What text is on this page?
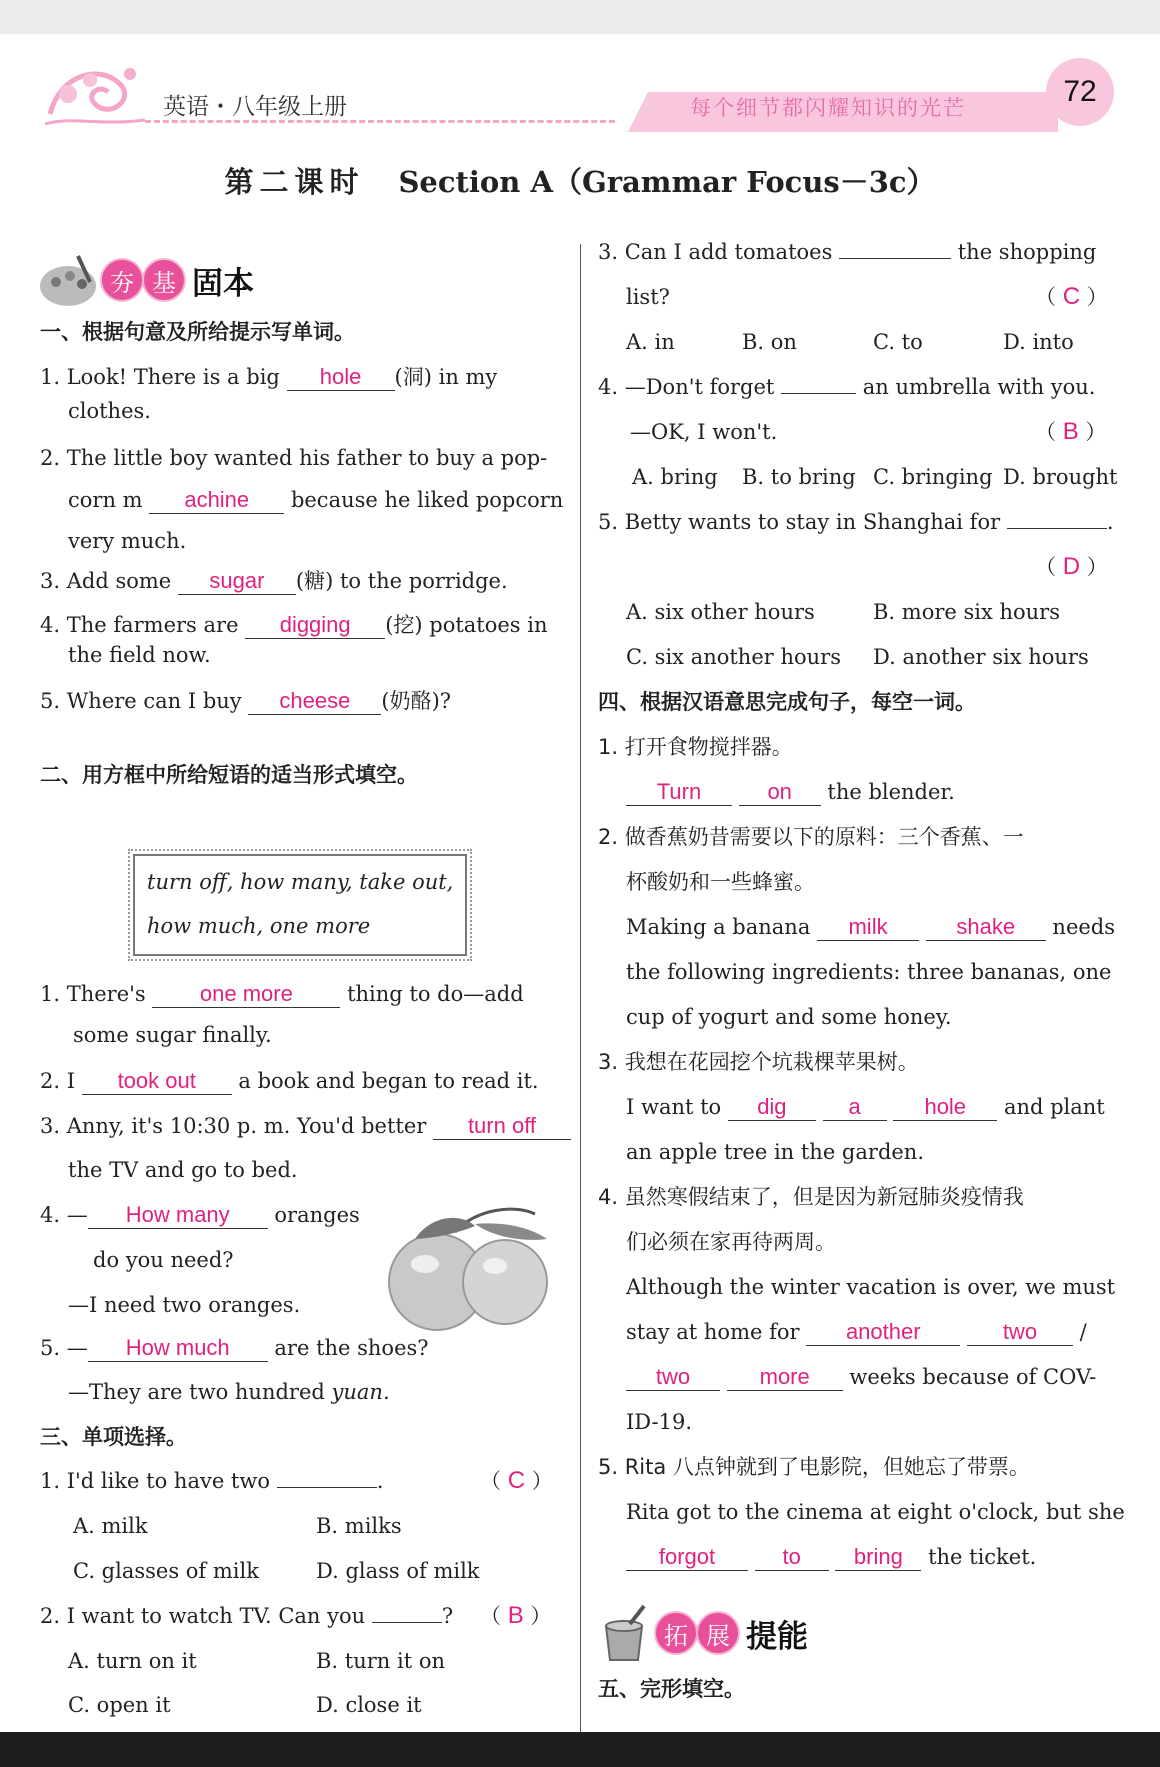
英语・八年级上册	每个细节都闪耀知识的光芒	72
第二课时 Section A（Grammar Focus－3c）
夯 基 固本
一、根据句意及所给提示写单词。
1. Look! There is a big hole (洞) in my
clothes.
2. The little boy wanted his father to buy a pop-
corn m achine because he liked popcorn
very much.
3. Add some sugar (糖) to the porridge.
4. The farmers are digging (挖) potatoes in
the field now.
5. Where can I buy cheese (奶酪)?
二、用方框中所给短语的适当形式填空。
turn off, how many, take out,
how much, one more
1. There's one more	thing to do—add
some sugar finally.
2. I took out a book and began to read it.
3. Anny, it's 10:30 p. m. You'd better turn off
the TV and go to bed.
4. — How many oranges
do you need?
—I need two oranges.
5. — How much are the shoes?
—They are two hundred yuan.
三、单项选择。
1. I'd like to have two	.	（ C ）
A. milk	B. milks
C. glasses of milk	D. glass of milk
2. I want to watch TV. Can you	? （ B ）
A. turn on it	B. turn it on
C. open it	D. close it
3. Can I add tomatoes	the shopping
list?	（ C ）
A. in	B. on	C. to	D. into
4. —Don't forget	an umbrella with you.
—OK, I won't.	（ B ）
A. bring B. to bring C. bringing D. brought
5. Betty wants to stay in Shanghai for	.
（ D ）
A. six other hours	B. more six hours
C. six another hours D. another six hours
四、根据汉语意思完成句子，每空一词。
1. 打开食物搅拌器。
Turn	on the blender.
2. 做香蕉奶昔需要以下的原料：三个香蕉、一
杯酸奶和一些蜂蜜。
Making a banana milk	shake needs
the following ingredients: three bananas, one
cup of yogurt and some honey.
3. 我想在花园挖个坑栽棵苹果树。
I want to dig	a	hole and plant
an apple tree in the garden.
4. 虽然寒假结束了，但是因为新冠肺炎疫情我
们必须在家再待两周。
Although the winter vacation is over, we must
stay at home for another	two /
two	more weeks because of COV-
ID-19.
5. Rita 八点钟就到了电影院，但她忘了带票。
Rita got to the cinema at eight o'clock, but she
forgot	to bring the ticket.
拓 展 提能
五、完形填空。
